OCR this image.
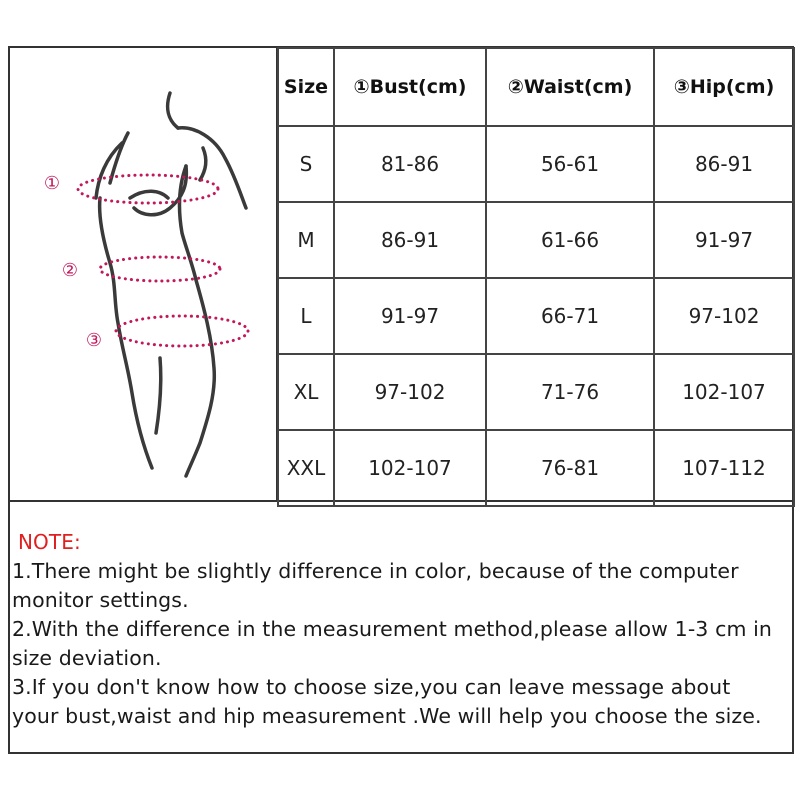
①
②
③
Size	①Bust(cm)	②Waist(cm)	③Hip(cm)
S	81-86	56-61	86-91
M	86-91	61-66	91-97
L	91-97	66-71	97-102
XL	97-102	71-76	102-107
XXL	102-107	76-81	107-112
NOTE:

1.There might be slightly difference in color, because of the computer

monitor settings.

2.With the difference in the measurement method,please allow 1-3 cm in

size deviation.

3.If you don't know how to choose size,you can leave message about

your bust,waist and hip measurement .We will help you choose the size.
